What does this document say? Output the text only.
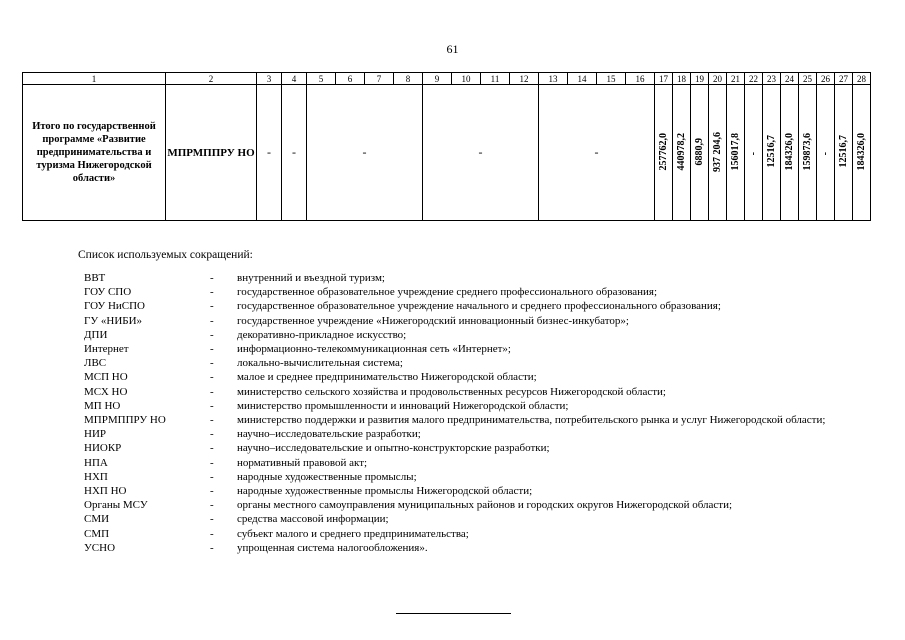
61
1	2	3	4	5	6	7	8	9	10	11	12	13	14	15	16	17	18	19	20	21	22	23	24	25	26	27	28
Итого по государственной программе «Развитие предпринимательства и туризма Нижегородской области»	МПРМППРУ НО	-	-	-				-				-				257762,0	440978,2	6880,9	937 204,6	156017,8	-	12516,7	184326,0	159873,6	-	12516,7	184326,0
Список используемых сокращений:
ВВТ	-	внутренний и въездной туризм;
ГОУ СПО	-	государственное образовательное учреждение среднего профессионального образования;
ГОУ НиСПО	-	государственное образовательное учреждение начального и среднего профессионального образования;
ГУ «НИБИ»	-	государственное учреждение «Нижегородский инновационный бизнес-инкубатор»;
ДПИ	-	декоративно-прикладное искусство;
Интернет	-	информационно-телекоммуникационная сеть «Интернет»;
ЛВС	-	локально-вычислительная система;
МСП НО	-	малое и среднее предпринимательство Нижегородской области;
МСХ НО	-	министерство сельского хозяйства и продовольственных ресурсов Нижегородской области;
МП НО	-	министерство промышленности и инноваций Нижегородской области;
МПРМППРУ НО	-	министерство поддержки и развития малого предпринимательства, потребительского рынка и услуг Нижегородской области;
НИР	-	научно–исследовательские разработки;
НИОКР	-	научно–исследовательские и опытно-конструкторские разработки;
НПА	-	нормативный правовой акт;
НХП	-	народные художественные промыслы;
НХП НО	-	народные художественные промыслы Нижегородской области;
Органы МСУ	-	органы местного самоуправления муниципальных районов и городских округов Нижегородской области;
СМИ	-	средства массовой информации;
СМП	-	субъект малого и среднего предпринимательства;
УСНО	-	упрощенная система налогообложения».
